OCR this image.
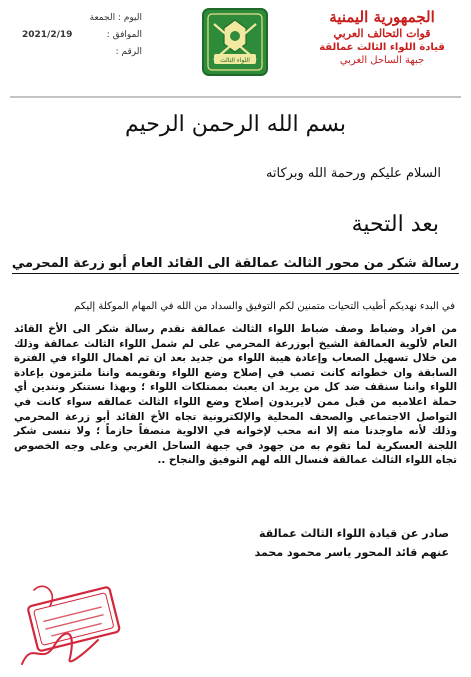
الجمهورية اليمنية
قوات التحالف العربي
قيادة اللواء الثالث عمالقة
جبهة الساحل الغربي
اللواء الثالث
اليوم : الجمعة
2021/2/19	الموافق :
الرقم :
بسم الله الرحمن الرحيم
السلام عليكم ورحمة الله وبركاته
بعد التحية
رسالة شكر من محور الثالث عمالقة الى القائد العام أبو زرعة المحرمي
في البدء نهديكم أطيب التحيات متمنين لكم التوفيق والسداد من الله في المهام الموكلة إليكم
من افراد وضباط وصف ضباط اللواء الثالث عمالقة نقدم رسالة شكر الى الأخ القائد العام لألوية العمالقة الشيخ أبوزرعة المحرمي على لم شمل اللواء الثالث عمالقة وذلك من خلال تسهيل الصعاب وإعادة هيبة اللواء من جديد بعد ان تم اهمال اللواء في الفترة السابقة وان خطواته كانت تصب في إصلاح وضع اللواء وتقويمه واننا ملتزمون بإعادة اللواء واننا سنقف ضد كل من يريد ان يعبث بممتلكات اللواء ؛ وبهذا نستنكر ونندين أي حملة اعلاميه من قبل ممن لايريدون إصلاح وضع اللواء الثالث عمالقه سواء كانت في التواصل الاجتماعي والصحف المحلية والإلكترونية تجاه الأخ القائد أبو زرعة المحرمي وذلك لأنه ماوجدنا منه إلا انه محب لإخوانه في الالوية منصفاً حازماً ؛ ولا ننسى شكر اللجنة العسكرية لما تقوم به من جهود في جبهة الساحل الغربي وعلى وجه الخصوص تجاه اللواء الثالث عمالقة فنسال الله لهم التوفيق والنجاح ..
صادر عن قيادة اللواء الثالث عمالقة
عنهم قائد المحور ياسر محمود محمد
